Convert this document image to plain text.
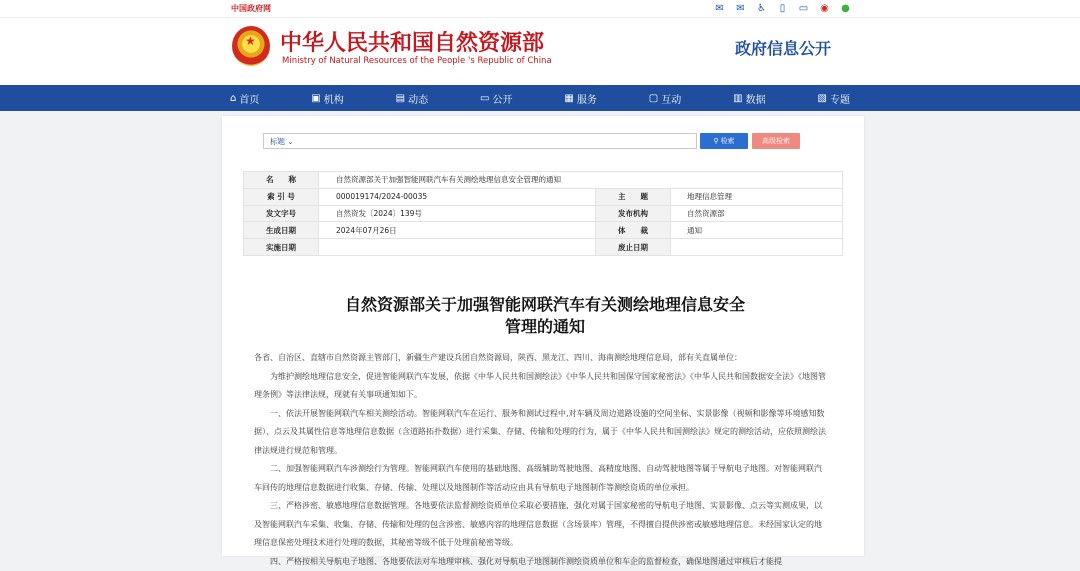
中国政府网	✉ ✉ ♿	▯	▭ ◉ ●
★
中华人民共和国自然资源部
Ministry of Natural Resources of the People 's Republic of China
政府信息公开
⌂ 首页	▣ 机构	▤ 动态	▭ 公开	▦ 服务	▢ 互动	▥ 数据	▧ 专题
标题 ⌄	⚲ 检索	高级检索
名　　称	自然资源部关于加强智能网联汽车有关测绘地理信息安全管理的通知		
索 引 号	000019174/2024-00035	主　　题	地理信息管理
发文字号	自然资发〔2024〕139号	发布机构	自然资源部
生成日期	2024年07月26日	体　　裁	通知
实施日期		废止日期	
自然资源部关于加强智能网联汽车有关测绘地理信息安全
管理的通知

各省、自治区、直辖市自然资源主管部门，新疆生产建设兵团自然资源局，陕西、黑龙江、四川、海南测绘地理信息局，部有关直属单位：

为维护测绘地理信息安全，促进智能网联汽车发展，依据《中华人民共和国测绘法》《中华人民共和国保守国家秘密法》《中华人民共和国数据安全法》《地图管理条例》等法律法规，现就有关事项通知如下。

一、依法开展智能网联汽车相关测绘活动。智能网联汽车在运行、服务和测试过程中,对车辆及周边道路设施的空间坐标、实景影像（视频和影像等环境感知数据）、点云及其属性信息等地理信息数据（含道路拓扑数据）进行采集、存储、传输和处理的行为，属于《中华人民共和国测绘法》规定的测绘活动，应依照测绘法律法规进行规范和管理。

二、加强智能网联汽车涉测绘行为管理。智能网联汽车使用的基础地图、高级辅助驾驶地图、高精度地图、自动驾驶地图等属于导航电子地图。对智能网联汽车回传的地理信息数据进行收集、存储、传输、处理以及地图制作等活动应由具有导航电子地图制作等测绘资质的单位承担。

三、严格涉密、敏感地理信息数据管理。各地要依法监督测绘资质单位采取必要措施，强化对属于国家秘密的导航电子地图、实景影像、点云等实测成果，以及智能网联汽车采集、收集、存储、传输和处理的包含涉密、敏感内容的地理信息数据（含场景库）管理，不得擅自提供涉密或敏感地理信息。未经国家认定的地理信息保密处理技术进行处理的数据，其秘密等级不低于处理前秘密等级。

四、严格按相关导航电子地图、各地要依法对车地理审核、强化对导航电子地图制作测绘资质单位和车企的监督检查，确保地图通过审核后才能提
